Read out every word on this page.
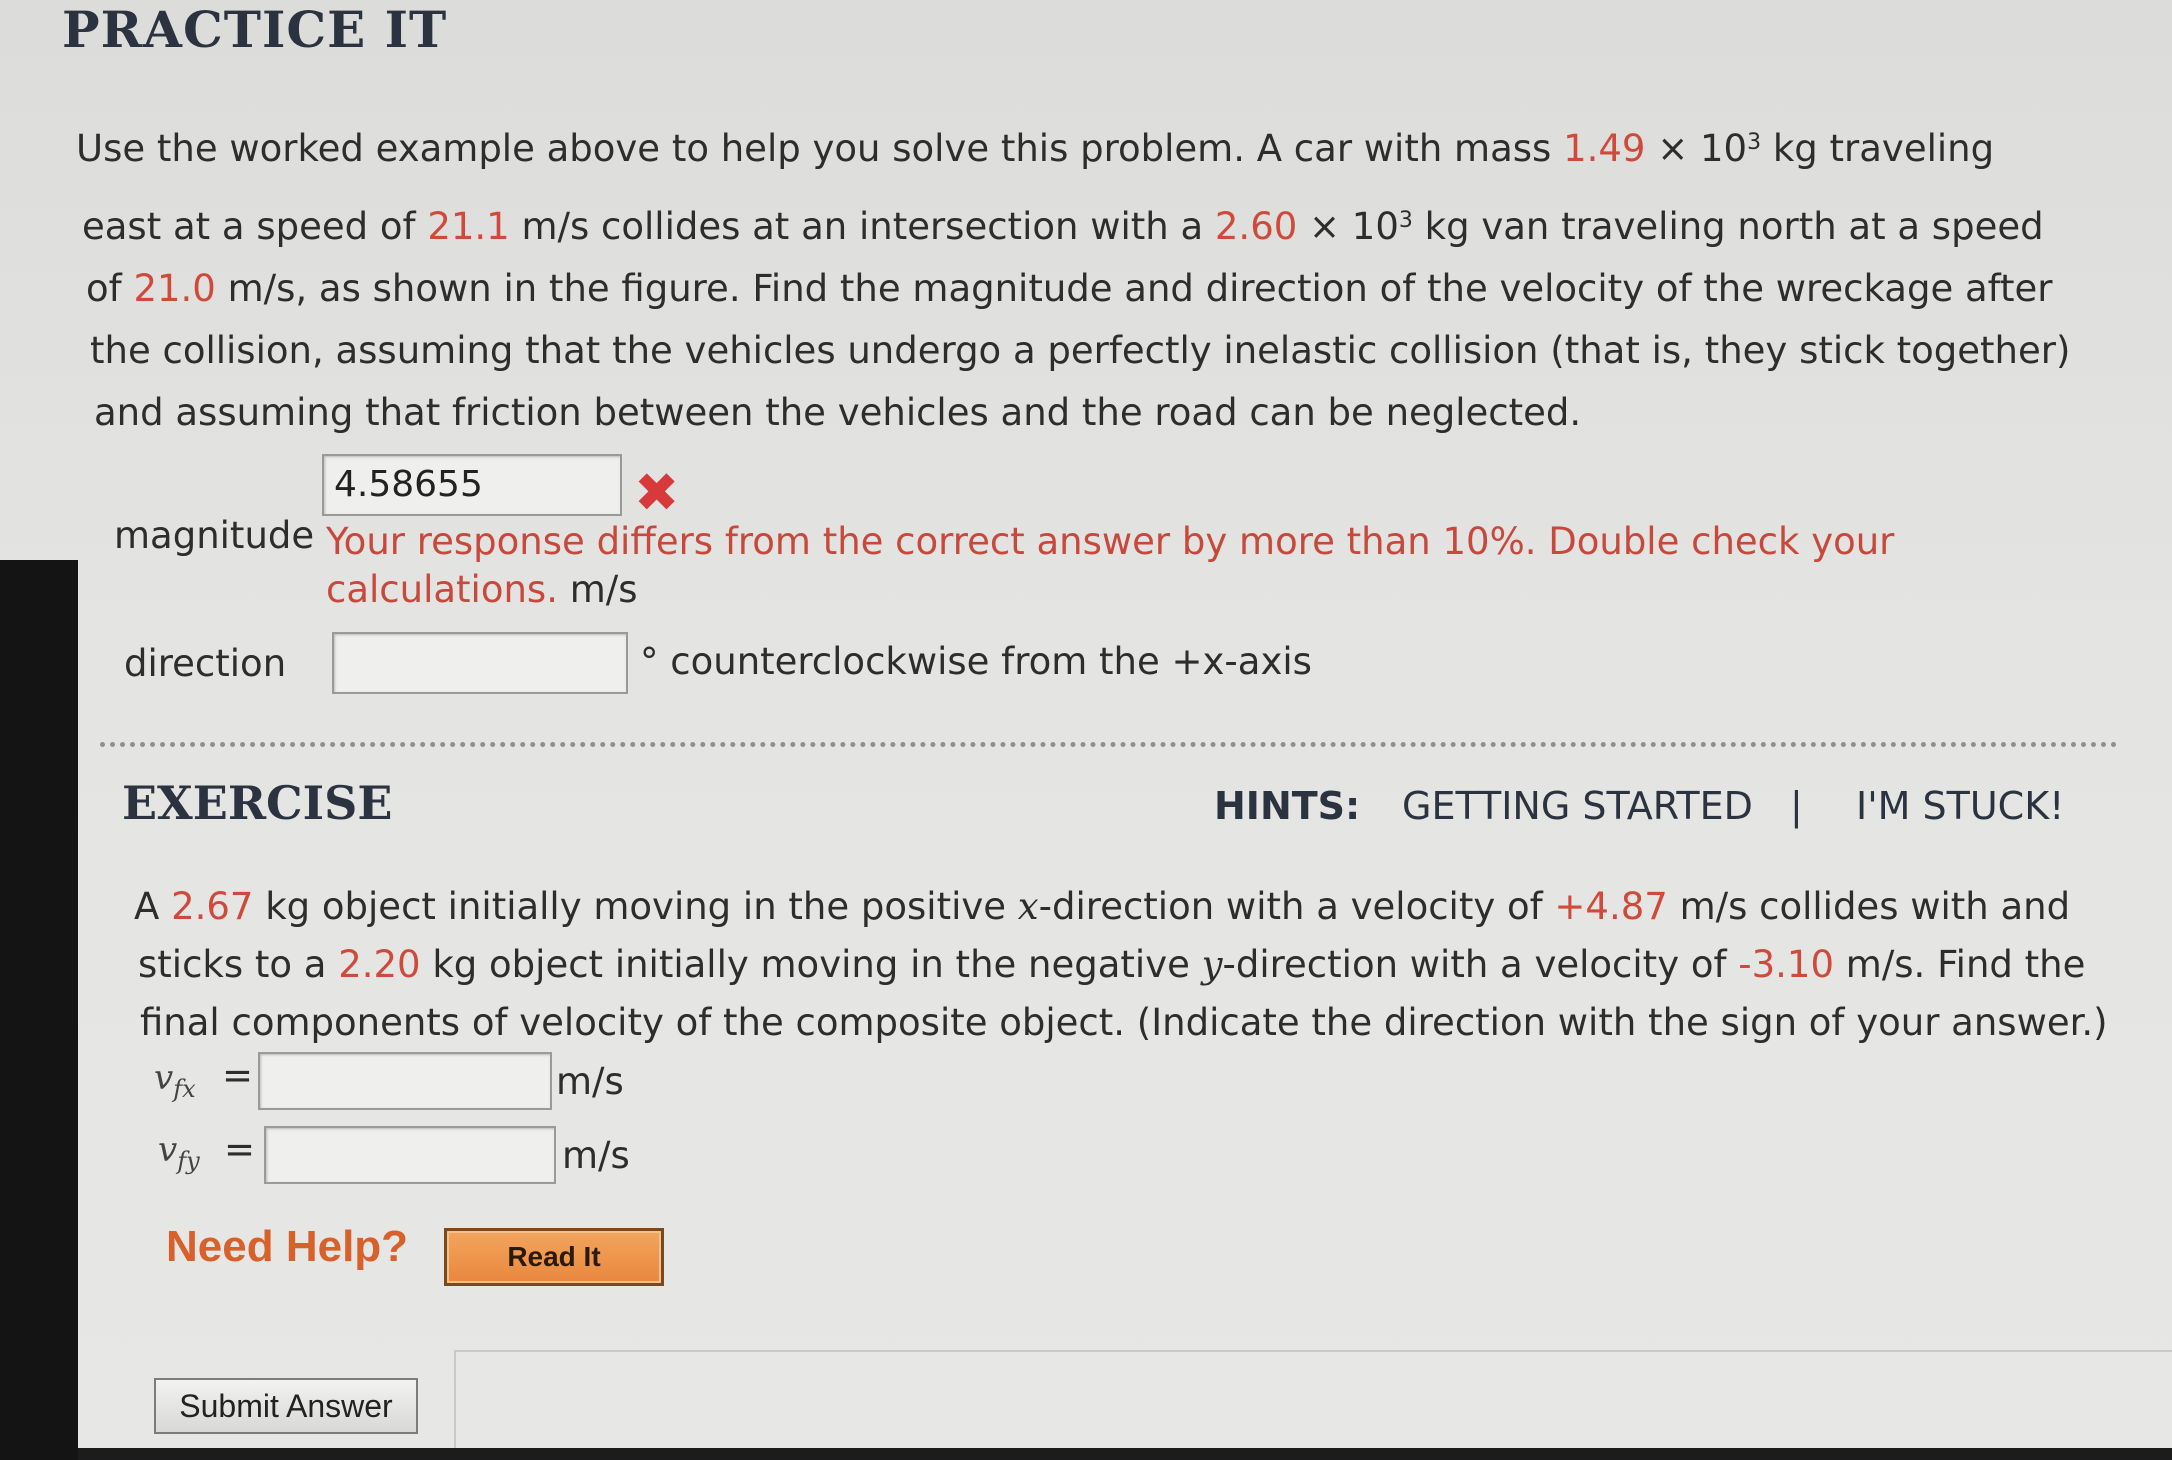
PRACTICE IT
Use the worked example above to help you solve this problem. A car with mass $1.49 \times 10^3$ kg traveling
east at a speed of 21.1 m/s collides at an intersection with a $2.60 \times 10^3$ kg van traveling north at a speed
of 21.0 m/s, as shown in the figure. Find the magnitude and direction of the velocity of the wreckage after
the collision, assuming that the vehicles undergo a perfectly inelastic collision (that is, they stick together)
and assuming that friction between the vehicles and the road can be neglected.
4.58655	✖
magnitude Your response differs from the correct answer by more than 10%. Double check your
calculations. m/s
direction	° counterclockwise from the +x-axis
EXERCISE	HINTS: GETTING STARTED | I'M STUCK!
A 2.67 kg object initially moving in the positive x-direction with a velocity of +4.87 m/s collides with and
sticks to a 2.20 kg object initially moving in the negative y-direction with a velocity of -3.10 m/s. Find the
final components of velocity of the composite object. (Indicate the direction with the sign of your answer.)
$v_{fx}$ =	m/s
$v_{fy}$ =	m/s
Need Help?	Read It
Submit Answer
